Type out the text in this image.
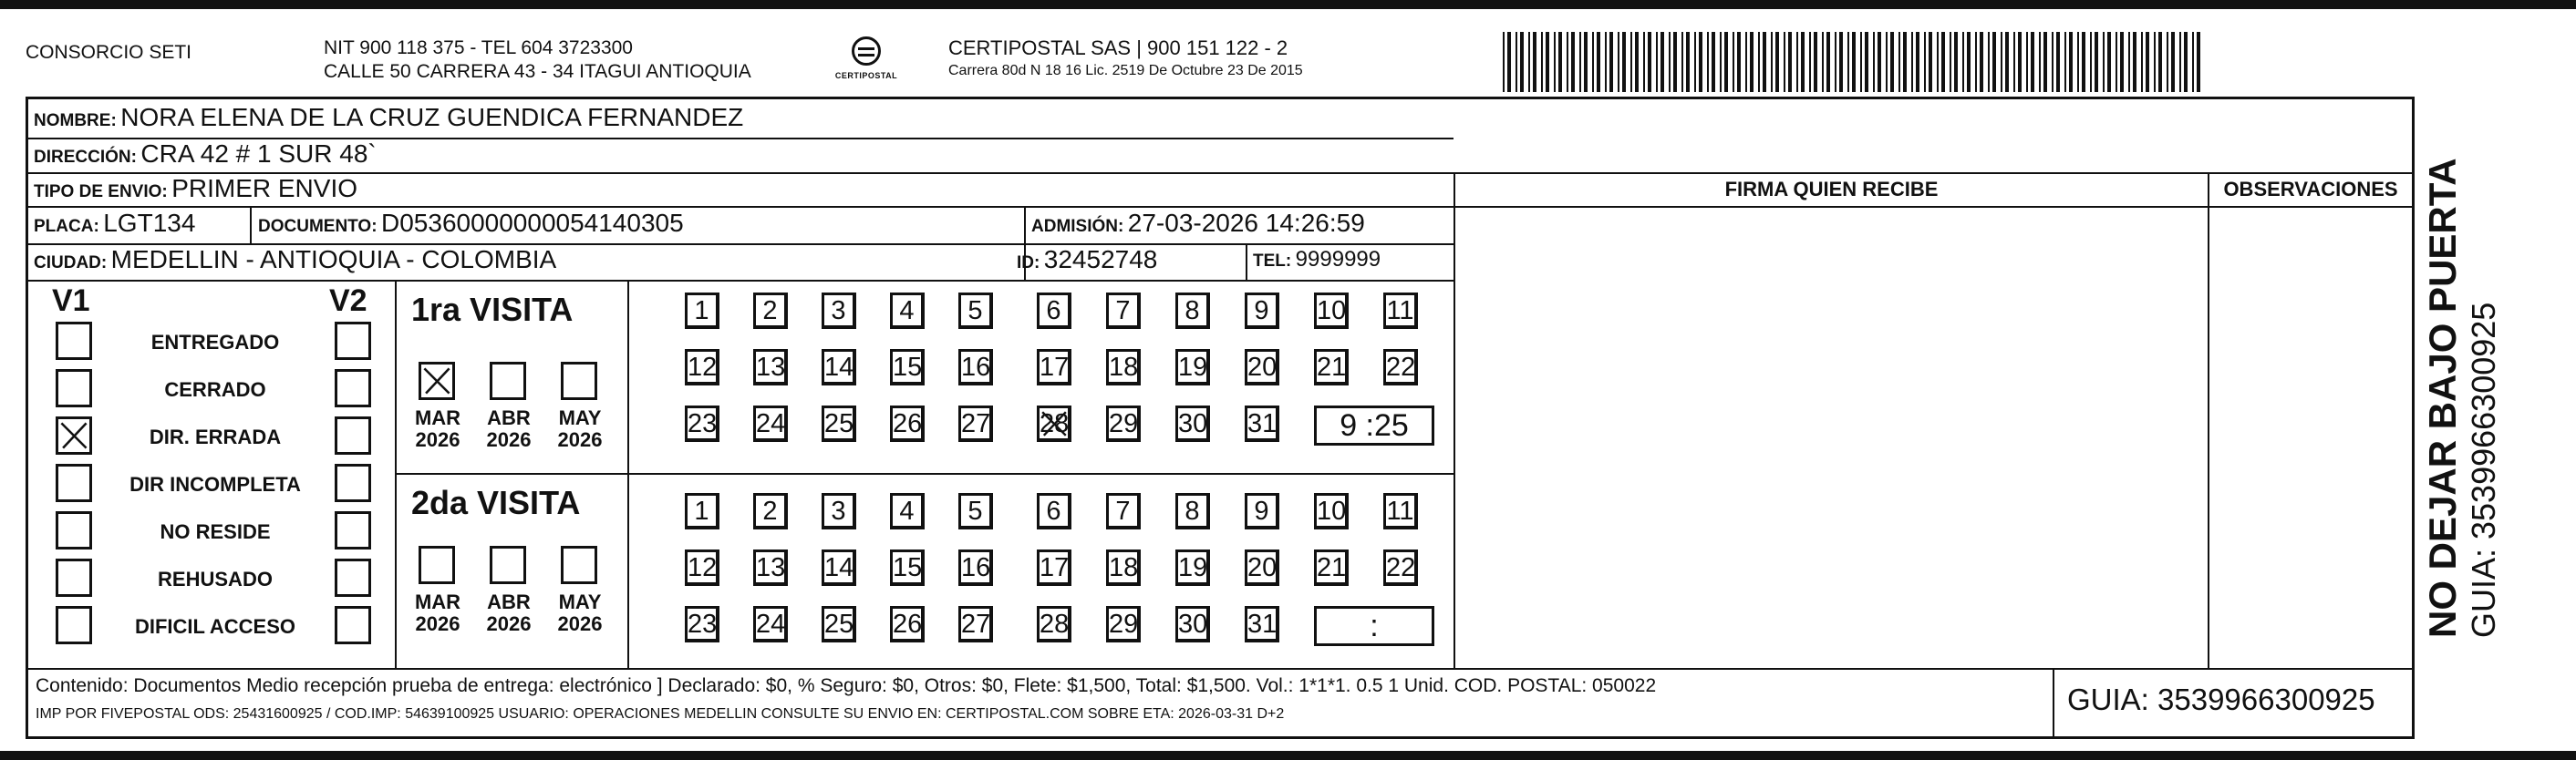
CONSORCIO SETI	NIT 900 118 375 - TEL 604 3723300
CALLE 50 CARRERA 43 - 34 ITAGUI ANTIOQUIA	CERTIPOSTAL
CERTIPOSTAL SAS | 900 151 122 - 2
Carrera 80d N 18 16 Lic. 2519 De Octubre 23 De 2015
NOMBRE: NORA ELENA DE LA CRUZ GUENDICA FERNANDEZ
DIRECCIÓN: CRA 42 # 1 SUR 48`
TIPO DE ENVIO: PRIMER ENVIO	FIRMA QUIEN RECIBE	OBSERVACIONES
PLACA: LGT134	DOCUMENTO: D05360000000054140305	ADMISIÓN: 27-03-2026 14:26:59
CIUDAD: MEDELLIN - ANTIOQUIA - COLOMBIA	ID: 32452748	TEL: 9999999
V1	V2
ENTREGADO
CERRADO
DIR. ERRADA
DIR INCOMPLETA
NO RESIDE
REHUSADO
DIFICIL ACCESO
1ra VISITA
MAR
2026
ABR
2026
MAY
2026
1	2	3	4	5	6	7	8	9	10 11
12 13 14 15 16 17 18 19 20 21 22
23 24 25 26 27 28 29 30 31	9 :25
2da VISITA
MAR
2026
ABR
2026
MAY
2026
1	2	3	4	5	6	7	8	9	10 11
12 13 14 15 16 17 18 19 20 21 22
23 24 25 26 27 28 29 30 31	:
Contenido: Documentos Medio recepción prueba de entrega: electrónico ] Declarado: $0, % Seguro: $0, Otros: $0, Flete: $1,500, Total: $1,500. Vol.: 1*1*1. 0.5 1 Unid. COD. POSTAL: 050022
IMP POR FIVEPOSTAL ODS: 25431600925 / COD.IMP: 54639100925 USUARIO: OPERACIONES MEDELLIN CONSULTE SU ENVIO EN: CERTIPOSTAL.COM SOBRE ETA: 2026-03-31 D+2	GUIA: 3539966300925
NO DEJAR BAJO PUERTA GUIA: 3539966300925
